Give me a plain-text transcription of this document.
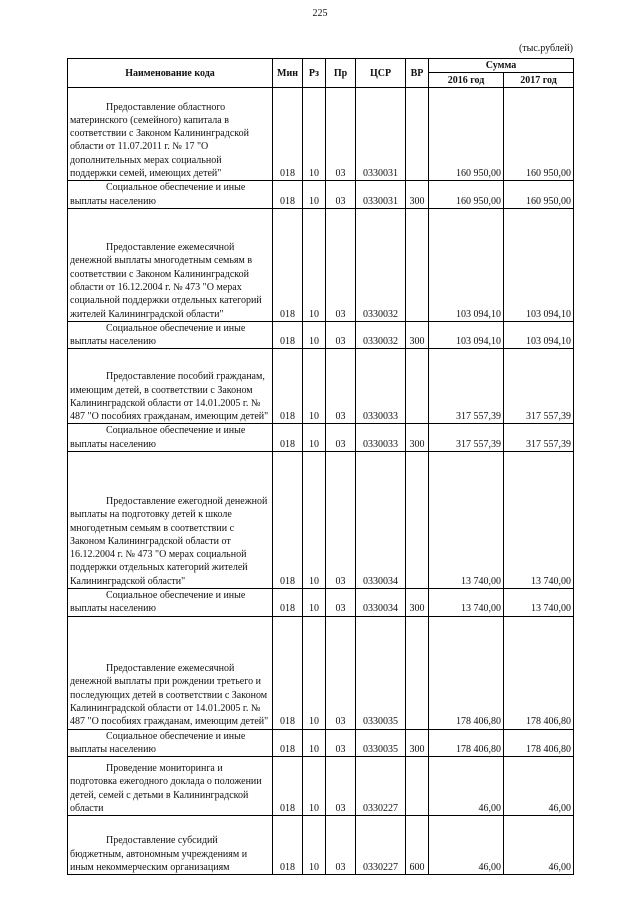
225
(тыс.рублей)
Наименование кода	Мин	Рз	Пр	ЦСР	ВР	Сумма	
						2016 год	2017 год
Предоставление областного материнского (семейного) капитала в соответствии с Законом Калининградской области от 11.07.2011 г. № 17 "О дополнительных мерах социальной поддержки семей, имеющих детей"	018	10	03	0330031		160 950,00	160 950,00
Социальное обеспечение и иные выплаты населению	018	10	03	0330031	300	160 950,00	160 950,00
Предоставление ежемесячной денежной выплаты многодетным семьям в соответствии с Законом Калининградской области от 16.12.2004 г. № 473 "О мерах социальной поддержки отдельных категорий жителей Калининградской области"	018	10	03	0330032		103 094,10	103 094,10
Социальное обеспечение и иные выплаты населению	018	10	03	0330032	300	103 094,10	103 094,10
Предоставление пособий гражданам, имеющим детей, в соответствии с Законом Калининградской области от 14.01.2005 г. № 487 "О пособиях гражданам, имеющим детей"	018	10	03	0330033		317 557,39	317 557,39
Социальное обеспечение и иные выплаты населению	018	10	03	0330033	300	317 557,39	317 557,39
Предоставление ежегодной денежной выплаты на подготовку детей к школе многодетным семьям в соответствии с Законом Калининградской области от 16.12.2004 г. № 473 "О мерах социальной поддержки отдельных категорий жителей Калининградской области"	018	10	03	0330034		13 740,00	13 740,00
Социальное обеспечение и иные выплаты населению	018	10	03	0330034	300	13 740,00	13 740,00
Предоставление ежемесячной денежной выплаты при рождении третьего и последующих детей в соответствии с Законом Калининградской области от 14.01.2005 г. № 487 "О пособиях гражданам, имеющим детей"	018	10	03	0330035		178 406,80	178 406,80
Социальное обеспечение и иные выплаты населению	018	10	03	0330035	300	178 406,80	178 406,80
Проведение мониторинга и подготовка ежегодного доклада о положении детей, семей с детьми в Калининградской области	018	10	03	0330227		46,00	46,00
Предоставление субсидий бюджетным, автономным учреждениям и иным некоммерческим организациям	018	10	03	0330227	600	46,00	46,00
